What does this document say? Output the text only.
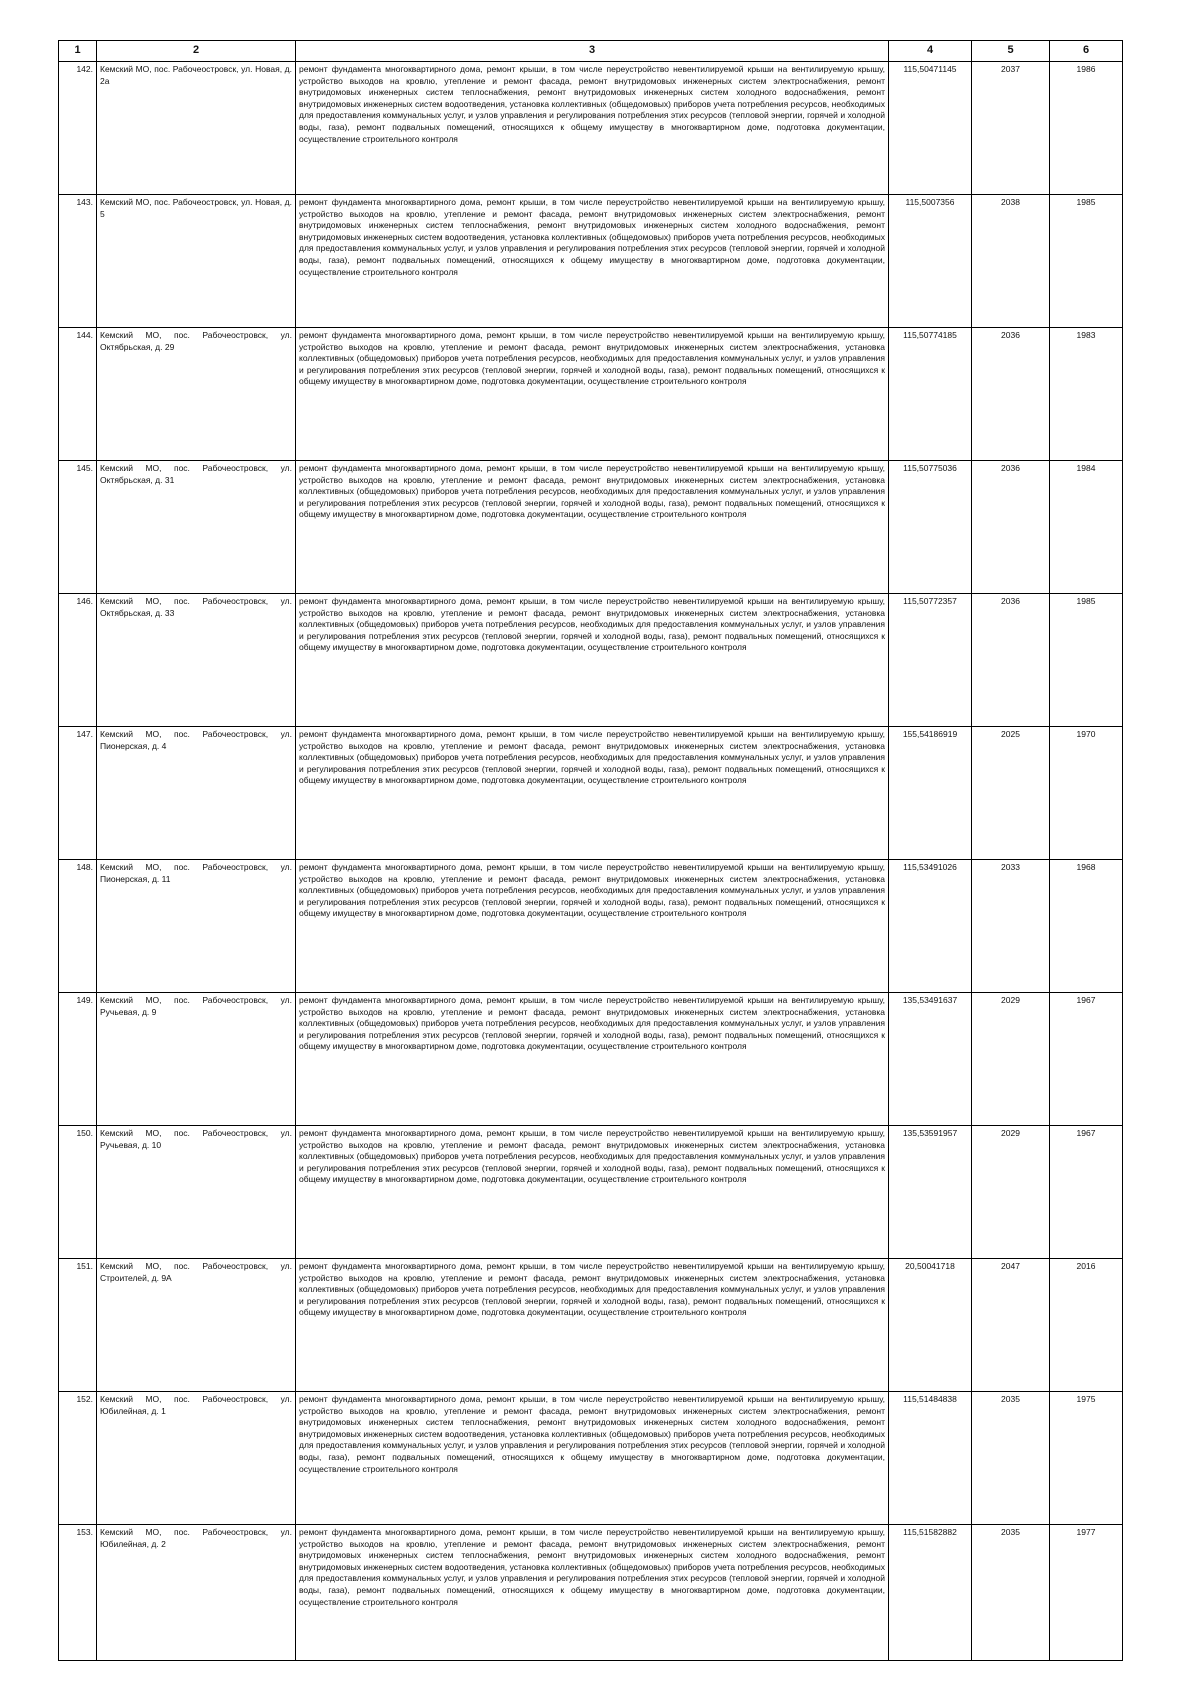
1	2	3	4	5	6
142.	Кемский МО, пос. Рабочеостровск, ул. Новая, д. 2а	ремонт фундамента многоквартирного дома, ремонт крыши, в том числе переустройство невентилируемой крыши на вентилируемую крышу, устройство выходов на кровлю, утепление и ремонт фасада, ремонт внутридомовых инженерных систем электроснабжения, ремонт внутридомовых инженерных систем теплоснабжения, ремонт внутридомовых инженерных систем холодного водоснабжения, ремонт внутридомовых инженерных систем водоотведения, установка коллективных (общедомовых) приборов учета потребления ресурсов, необходимых для предоставления коммунальных услуг, и узлов управления и регулирования потребления этих ресурсов (тепловой энергии, горячей и холодной воды, газа), ремонт подвальных помещений, относящихся к общему имуществу в многоквартирном доме, подготовка документации, осуществление строительного контроля	115,50471145	2037	1986
143.	Кемский МО, пос. Рабочеостровск, ул. Новая, д. 5	ремонт фундамента многоквартирного дома, ремонт крыши, в том числе переустройство невентилируемой крыши на вентилируемую крышу, устройство выходов на кровлю, утепление и ремонт фасада, ремонт внутридомовых инженерных систем электроснабжения, ремонт внутридомовых инженерных систем теплоснабжения, ремонт внутридомовых инженерных систем холодного водоснабжения, ремонт внутридомовых инженерных систем водоотведения, установка коллективных (общедомовых) приборов учета потребления ресурсов, необходимых для предоставления коммунальных услуг, и узлов управления и регулирования потребления этих ресурсов (тепловой энергии, горячей и холодной воды, газа), ремонт подвальных помещений, относящихся к общему имуществу в многоквартирном доме, подготовка документации, осуществление строительного контроля	115,5007356	2038	1985
144.	Кемский МО, пос. Рабочеостровск, ул. Октябрьская, д. 29	ремонт фундамента многоквартирного дома, ремонт крыши, в том числе переустройство невентилируемой крыши на вентилируемую крышу, устройство выходов на кровлю, утепление и ремонт фасада, ремонт внутридомовых инженерных систем электроснабжения, установка коллективных (общедомовых) приборов учета потребления ресурсов, необходимых для предоставления коммунальных услуг, и узлов управления и регулирования потребления этих ресурсов (тепловой энергии, горячей и холодной воды, газа), ремонт подвальных помещений, относящихся к общему имуществу в многоквартирном доме, подготовка документации, осуществление строительного контроля	115,50774185	2036	1983
145.	Кемский МО, пос. Рабочеостровск, ул. Октябрьская, д. 31	ремонт фундамента многоквартирного дома, ремонт крыши, в том числе переустройство невентилируемой крыши на вентилируемую крышу, устройство выходов на кровлю, утепление и ремонт фасада, ремонт внутридомовых инженерных систем электроснабжения, установка коллективных (общедомовых) приборов учета потребления ресурсов, необходимых для предоставления коммунальных услуг, и узлов управления и регулирования потребления этих ресурсов (тепловой энергии, горячей и холодной воды, газа), ремонт подвальных помещений, относящихся к общему имуществу в многоквартирном доме, подготовка документации, осуществление строительного контроля	115,50775036	2036	1984
146.	Кемский МО, пос. Рабочеостровск, ул. Октябрьская, д. 33	ремонт фундамента многоквартирного дома, ремонт крыши, в том числе переустройство невентилируемой крыши на вентилируемую крышу, устройство выходов на кровлю, утепление и ремонт фасада, ремонт внутридомовых инженерных систем электроснабжения, установка коллективных (общедомовых) приборов учета потребления ресурсов, необходимых для предоставления коммунальных услуг, и узлов управления и регулирования потребления этих ресурсов (тепловой энергии, горячей и холодной воды, газа), ремонт подвальных помещений, относящихся к общему имуществу в многоквартирном доме, подготовка документации, осуществление строительного контроля	115,50772357	2036	1985
147.	Кемский МО, пос. Рабочеостровск, ул. Пионерская, д. 4	ремонт фундамента многоквартирного дома, ремонт крыши, в том числе переустройство невентилируемой крыши на вентилируемую крышу, устройство выходов на кровлю, утепление и ремонт фасада, ремонт внутридомовых инженерных систем электроснабжения, установка коллективных (общедомовых) приборов учета потребления ресурсов, необходимых для предоставления коммунальных услуг, и узлов управления и регулирования потребления этих ресурсов (тепловой энергии, горячей и холодной воды, газа), ремонт подвальных помещений, относящихся к общему имуществу в многоквартирном доме, подготовка документации, осуществление строительного контроля	155,54186919	2025	1970
148.	Кемский МО, пос. Рабочеостровск, ул. Пионерская, д. 11	ремонт фундамента многоквартирного дома, ремонт крыши, в том числе переустройство невентилируемой крыши на вентилируемую крышу, устройство выходов на кровлю, утепление и ремонт фасада, ремонт внутридомовых инженерных систем электроснабжения, установка коллективных (общедомовых) приборов учета потребления ресурсов, необходимых для предоставления коммунальных услуг, и узлов управления и регулирования потребления этих ресурсов (тепловой энергии, горячей и холодной воды, газа), ремонт подвальных помещений, относящихся к общему имуществу в многоквартирном доме, подготовка документации, осуществление строительного контроля	115,53491026	2033	1968
149.	Кемский МО, пос. Рабочеостровск, ул. Ручьевая, д. 9	ремонт фундамента многоквартирного дома, ремонт крыши, в том числе переустройство невентилируемой крыши на вентилируемую крышу, устройство выходов на кровлю, утепление и ремонт фасада, ремонт внутридомовых инженерных систем электроснабжения, установка коллективных (общедомовых) приборов учета потребления ресурсов, необходимых для предоставления коммунальных услуг, и узлов управления и регулирования потребления этих ресурсов (тепловой энергии, горячей и холодной воды, газа), ремонт подвальных помещений, относящихся к общему имуществу в многоквартирном доме, подготовка документации, осуществление строительного контроля	135,53491637	2029	1967
150.	Кемский МО, пос. Рабочеостровск, ул. Ручьевая, д. 10	ремонт фундамента многоквартирного дома, ремонт крыши, в том числе переустройство невентилируемой крыши на вентилируемую крышу, устройство выходов на кровлю, утепление и ремонт фасада, ремонт внутридомовых инженерных систем электроснабжения, установка коллективных (общедомовых) приборов учета потребления ресурсов, необходимых для предоставления коммунальных услуг, и узлов управления и регулирования потребления этих ресурсов (тепловой энергии, горячей и холодной воды, газа), ремонт подвальных помещений, относящихся к общему имуществу в многоквартирном доме, подготовка документации, осуществление строительного контроля	135,53591957	2029	1967
151.	Кемский МО, пос. Рабочеостровск, ул. Строителей, д. 9А	ремонт фундамента многоквартирного дома, ремонт крыши, в том числе переустройство невентилируемой крыши на вентилируемую крышу, устройство выходов на кровлю, утепление и ремонт фасада, ремонт внутридомовых инженерных систем электроснабжения, установка коллективных (общедомовых) приборов учета потребления ресурсов, необходимых для предоставления коммунальных услуг, и узлов управления и регулирования потребления этих ресурсов (тепловой энергии, горячей и холодной воды, газа), ремонт подвальных помещений, относящихся к общему имуществу в многоквартирном доме, подготовка документации, осуществление строительного контроля	20,50041718	2047	2016
152.	Кемский МО, пос. Рабочеостровск, ул. Юбилейная, д. 1	ремонт фундамента многоквартирного дома, ремонт крыши, в том числе переустройство невентилируемой крыши на вентилируемую крышу, устройство выходов на кровлю, утепление и ремонт фасада, ремонт внутридомовых инженерных систем электроснабжения, ремонт внутридомовых инженерных систем теплоснабжения, ремонт внутридомовых инженерных систем холодного водоснабжения, ремонт внутридомовых инженерных систем водоотведения, установка коллективных (общедомовых) приборов учета потребления ресурсов, необходимых для предоставления коммунальных услуг, и узлов управления и регулирования потребления этих ресурсов (тепловой энергии, горячей и холодной воды, газа), ремонт подвальных помещений, относящихся к общему имуществу в многоквартирном доме, подготовка документации, осуществление строительного контроля	115,51484838	2035	1975
153.	Кемский МО, пос. Рабочеостровск, ул. Юбилейная, д. 2	ремонт фундамента многоквартирного дома, ремонт крыши, в том числе переустройство невентилируемой крыши на вентилируемую крышу, устройство выходов на кровлю, утепление и ремонт фасада, ремонт внутридомовых инженерных систем электроснабжения, ремонт внутридомовых инженерных систем теплоснабжения, ремонт внутридомовых инженерных систем холодного водоснабжения, ремонт внутридомовых инженерных систем водоотведения, установка коллективных (общедомовых) приборов учета потребления ресурсов, необходимых для предоставления коммунальных услуг, и узлов управления и регулирования потребления этих ресурсов (тепловой энергии, горячей и холодной воды, газа), ремонт подвальных помещений, относящихся к общему имуществу в многоквартирном доме, подготовка документации, осуществление строительного контроля	115,51582882	2035	1977
